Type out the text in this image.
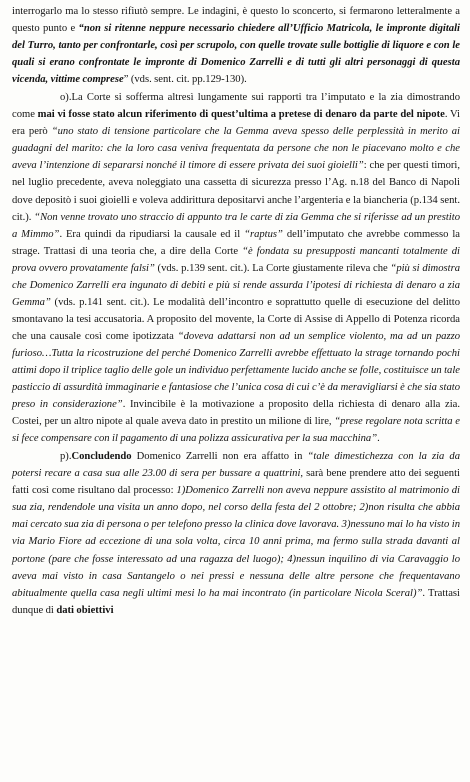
interrogarlo ma lo stesso rifiutò sempre. Le indagini, è questo lo sconcerto, si fermarono letteralmente a questo punto e “non si ritenne neppure necessario chiedere all’Ufficio Matricola, le impronte digitali del Turro, tanto per confrontarle, così per scrupolo, con quelle trovate sulle bottiglie di liquore e con le quali si erano confrontate le impronte di Domenico Zarrelli e di tutti gli altri personaggi di questa vicenda, vittime comprese” (vds. sent. cit. pp.129-130).

o).La Corte si sofferma altresì lungamente sui rapporti tra l’imputato e la zia dimostrando come mai vi fosse stato alcun riferimento di quest’ultima a pretese di denaro da parte del nipote. Vi era però “uno stato di tensione particolare che la Gemma aveva spesso delle perplessità in merito ai guadagni del marito: che la loro casa veniva frequentata da persone che non le piacevano molto e che aveva l’intenzione di separarsi nonché il timore di essere privata dei suoi gioielli”: che per questi timori, nel luglio precedente, aveva noleggiato una cassetta di sicurezza presso l’Ag. n.18 del Banco di Napoli dove depositò i suoi gioielli e voleva addirittura depositarvi anche l’argenteria e la biancheria (p.134 sent. cit.). “Non venne trovato uno straccio di appunto tra le carte di zia Gemma che si riferisse ad un prestito a Mimmo”. Era quindi da ripudiarsi la causale ed il “raptus” dell’imputato che avrebbe commesso la strage. Trattasi di una teoria che, a dire della Corte “è fondata su presupposti mancanti totalmente di prova ovvero provatamente falsi” (vds. p.139 sent. cit.). La Corte giustamente rileva che “più si dimostra che Domenico Zarrelli era ingunato di debiti e più si rende assurda l’ipotesi di richiesta di denaro a zia Gemma” (vds. p.141 sent. cit.). Le modalità dell’incontro e soprattutto quelle di esecuzione del delitto smontavano la tesi accusatoria. A proposito del movente, la Corte di Assise di Appello di Potenza ricorda che una causale così come ipotizzata “doveva adattarsi non ad un semplice violento, ma ad un pazzo furioso…Tutta la ricostruzione del perché Domenico Zarrelli avrebbe effettuato la strage tornando pochi attimi dopo il triplice taglio delle gole un individuo perfettamente lucido anche se folle, costituisce un tale pasticcio di assurdità immaginarie e fantasiose che l’unica cosa di cui c’è da meravigliarsi è che sia stato preso in considerazione”. Invincibile è la motivazione a proposito della richiesta di denaro alla zia. Costei, per un altro nipote al quale aveva dato in prestito un milione di lire, “prese regolare nota scritta e si fece compensare con il pagamento di una polizza assicurativa per la sua macchina”.

p).Concludendo Domenico Zarrelli non era affatto in “tale dimestichezza con la zia da potersi recare a casa sua alle 23.00 di sera per bussare a quattrini, sarà bene prendere atto dei seguenti fatti così come risultano dal processo: 1)Domenico Zarrelli non aveva neppure assistito al matrimonio di sua zia, rendendole una visita un anno dopo, nel corso della festa del 2 ottobre; 2)non risulta che abbia mai cercato sua zia di persona o per telefono presso la clinica dove lavorava. 3)nessuno mai lo ha visto in via Mario Fiore ad eccezione di una sola volta, circa 10 anni prima, ma fermo sulla strada davanti al portone (pare che fosse interessato ad una ragazza del luogo); 4)nessun inquilino di via Caravaggio lo aveva mai visto in casa Santangelo o nei pressi e nessuna delle altre persone che frequentavano abitualmente quella casa negli ultimi mesi lo ha mai incontrato (in particolare Nicola Sceral)”. Trattasi dunque di dati obiettivi
